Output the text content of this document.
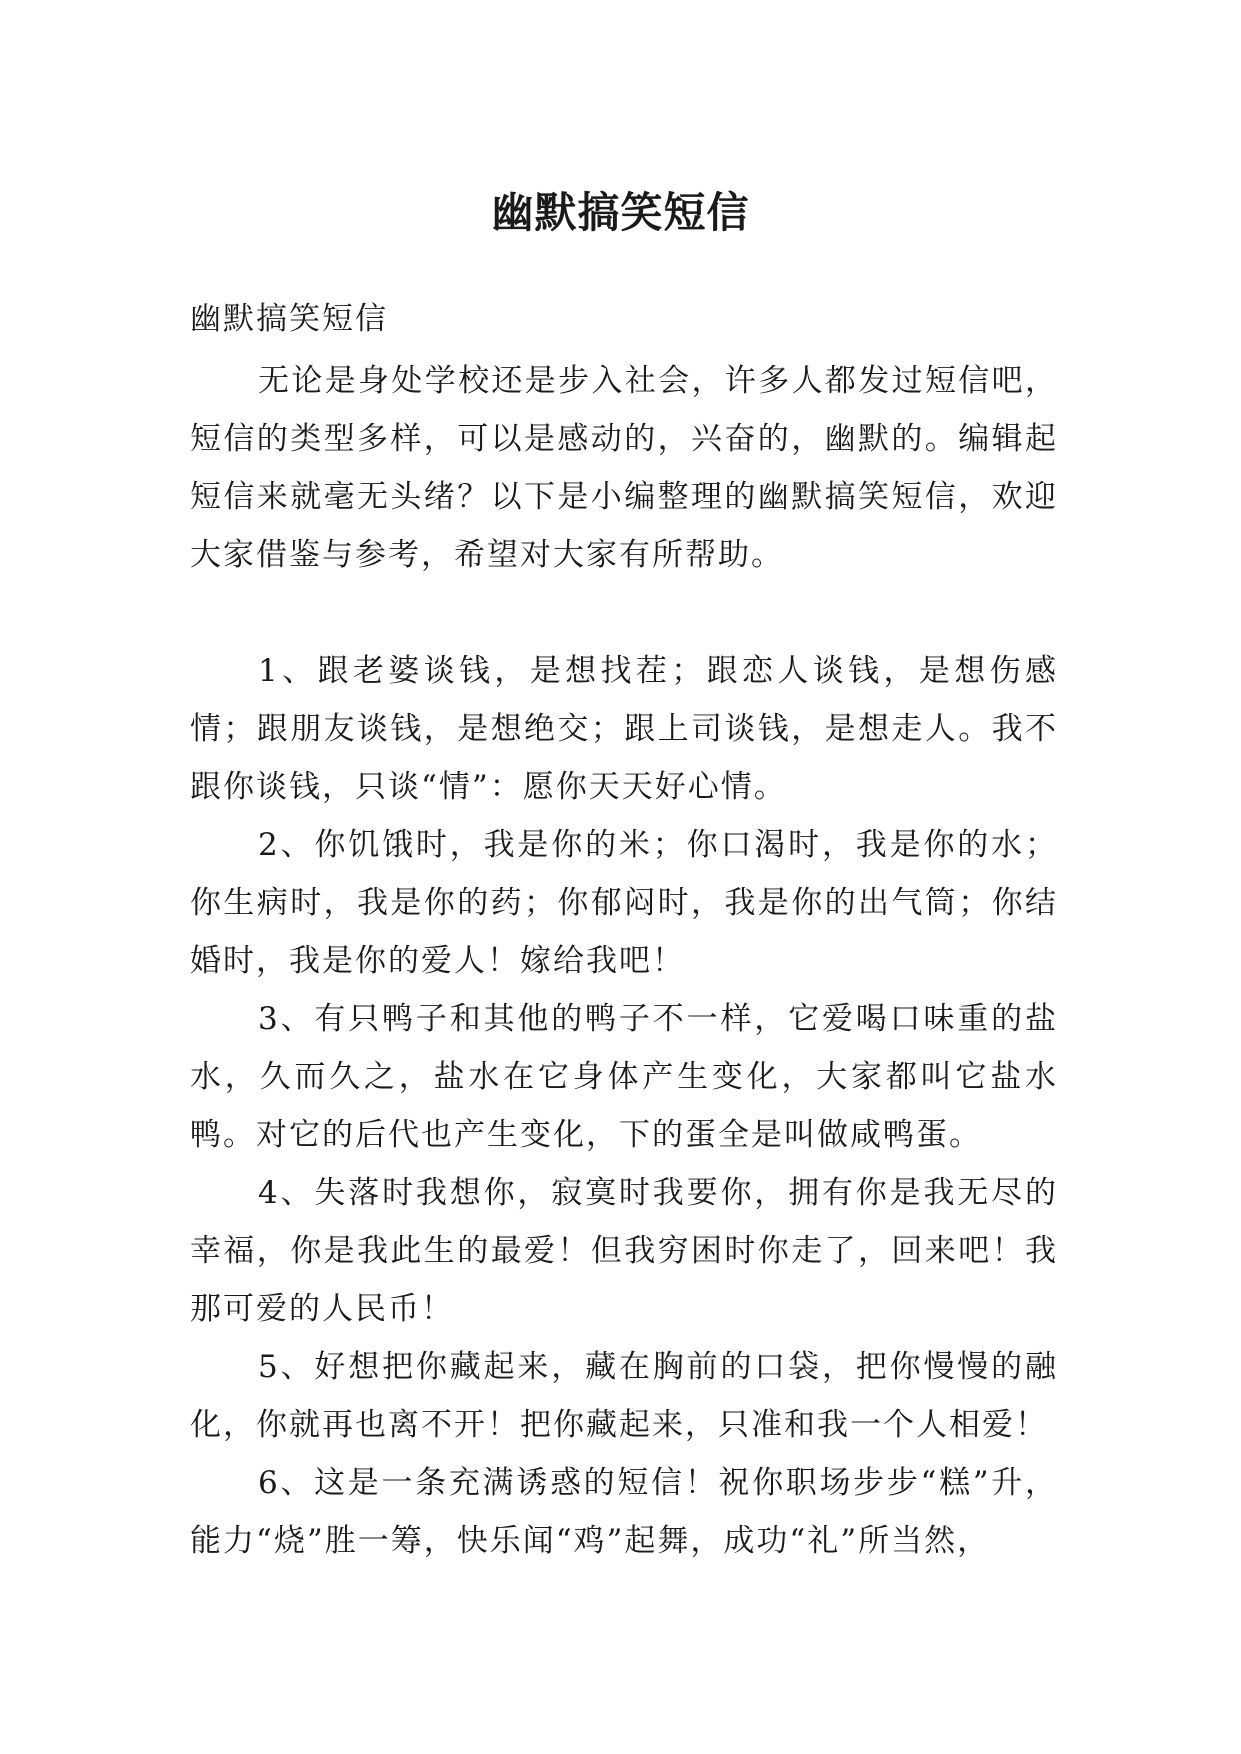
幽默搞笑短信

幽默搞笑短信

无论是身处学校还是步入社会，许多人都发过短信吧，短信的类型多样，可以是感动的，兴奋的，幽默的。编辑起短信来就毫无头绪？以下是小编整理的幽默搞笑短信，欢迎大家借鉴与参考，希望对大家有所帮助。

1、跟老婆谈钱，是想找茬；跟恋人谈钱，是想伤感情；跟朋友谈钱，是想绝交；跟上司谈钱，是想走人。我不跟你谈钱，只谈“情”：愿你天天好心情。

2、你饥饿时，我是你的米；你口渴时，我是你的水；你生病时，我是你的药；你郁闷时，我是你的出气筒；你结婚时，我是你的爱人！嫁给我吧！

3、有只鸭子和其他的鸭子不一样，它爱喝口味重的盐水，久而久之，盐水在它身体产生变化，大家都叫它盐水鸭。对它的后代也产生变化，下的蛋全是叫做咸鸭蛋。

4、失落时我想你，寂寞时我要你，拥有你是我无尽的幸福，你是我此生的最爱！但我穷困时你走了，回来吧！我那可爱的人民币！

5、好想把你藏起来，藏在胸前的口袋，把你慢慢的融化，你就再也离不开！把你藏起来，只准和我一个人相爱！

6、这是一条充满诱惑的短信！祝你职场步步“糕”升，能力“烧”胜一筹，快乐闻“鸡”起舞，成功“礼”所当然，
